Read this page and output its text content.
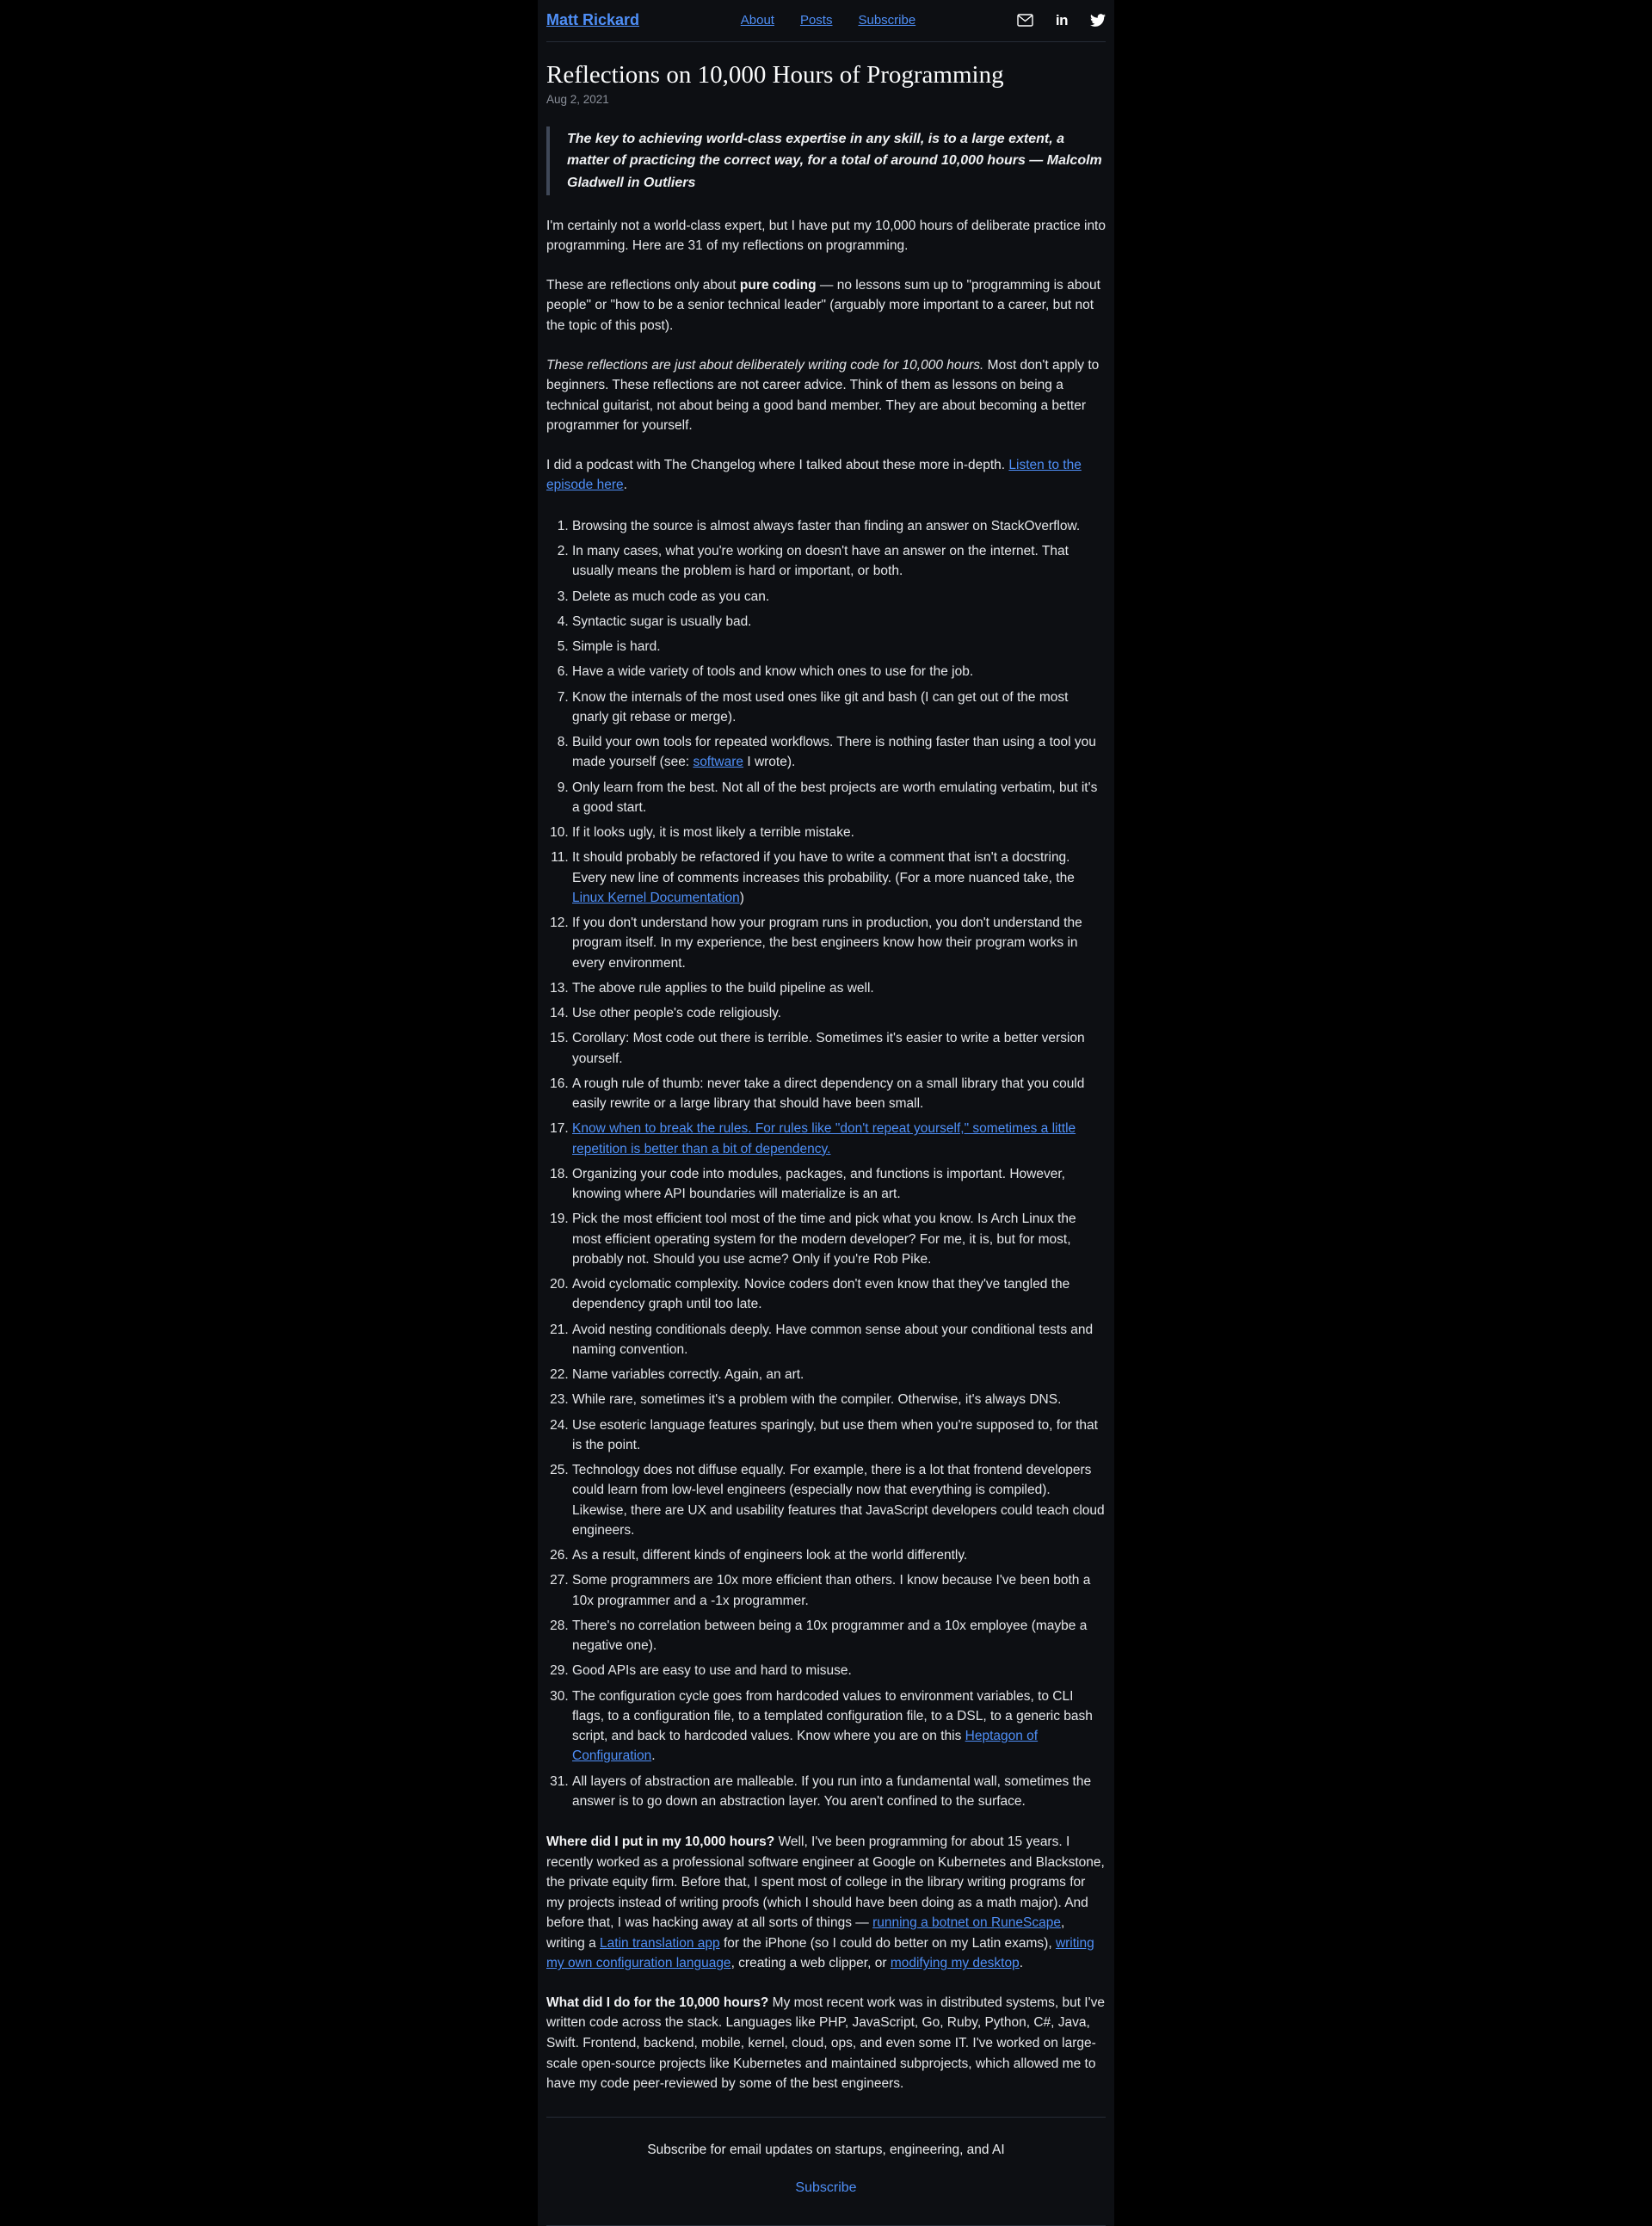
Matt Rickard	About Posts Subscribe	in
Reflections on 10,000 Hours of Programming
Aug 2, 2021
The key to achieving world-class expertise in any skill, is to a large extent, a matter of practicing the correct way, for a total of around 10,000 hours — Malcolm Gladwell in Outliers

I'm certainly not a world-class expert, but I have put my 10,000 hours of deliberate practice into programming. Here are 31 of my reflections on programming.

These are reflections only about pure coding — no lessons sum up to "programming is about people" or "how to be a senior technical leader" (arguably more important to a career, but not the topic of this post).

These reflections are just about deliberately writing code for 10,000 hours. Most don't apply to beginners. These reflections are not career advice. Think of them as lessons on being a technical guitarist, not about being a good band member. They are about becoming a better programmer for yourself.

I did a podcast with The Changelog where I talked about these more in-depth. Listen to the episode here.

1. Browsing the source is almost always faster than finding an answer on StackOverflow.
2. In many cases, what you're working on doesn't have an answer on the internet. That usually means the problem is hard or important, or both.
3. Delete as much code as you can.
4. Syntactic sugar is usually bad.
5. Simple is hard.
6. Have a wide variety of tools and know which ones to use for the job.
7. Know the internals of the most used ones like git and bash (I can get out of the most gnarly git rebase or merge).
8. Build your own tools for repeated workflows. There is nothing faster than using a tool you made yourself (see: software I wrote).
9. Only learn from the best. Not all of the best projects are worth emulating verbatim, but it's a good start.
10. If it looks ugly, it is most likely a terrible mistake.
11. It should probably be refactored if you have to write a comment that isn't a docstring. Every new line of comments increases this probability. (For a more nuanced take, the Linux Kernel Documentation)
12. If you don't understand how your program runs in production, you don't understand the program itself. In my experience, the best engineers know how their program works in every environment.
13. The above rule applies to the build pipeline as well.
14. Use other people's code religiously.
15. Corollary: Most code out there is terrible. Sometimes it's easier to write a better version yourself.
16. A rough rule of thumb: never take a direct dependency on a small library that you could easily rewrite or a large library that should have been small.
17. Know when to break the rules. For rules like "don't repeat yourself," sometimes a little repetition is better than a bit of dependency.
18. Organizing your code into modules, packages, and functions is important. However, knowing where API boundaries will materialize is an art.
19. Pick the most efficient tool most of the time and pick what you know. Is Arch Linux the most efficient operating system for the modern developer? For me, it is, but for most, probably not. Should you use acme? Only if you're Rob Pike.
20. Avoid cyclomatic complexity. Novice coders don't even know that they've tangled the dependency graph until too late.
21. Avoid nesting conditionals deeply. Have common sense about your conditional tests and naming convention.
22. Name variables correctly. Again, an art.
23. While rare, sometimes it's a problem with the compiler. Otherwise, it's always DNS.
24. Use esoteric language features sparingly, but use them when you're supposed to, for that is the point.
25. Technology does not diffuse equally. For example, there is a lot that frontend developers could learn from low-level engineers (especially now that everything is compiled). Likewise, there are UX and usability features that JavaScript developers could teach cloud engineers.
26. As a result, different kinds of engineers look at the world differently.
27. Some programmers are 10x more efficient than others. I know because I've been both a 10x programmer and a -1x programmer.
28. There's no correlation between being a 10x programmer and a 10x employee (maybe a negative one).
29. Good APIs are easy to use and hard to misuse.
30. The configuration cycle goes from hardcoded values to environment variables, to CLI flags, to a configuration file, to a templated configuration file, to a DSL, to a generic bash script, and back to hardcoded values. Know where you are on this Heptagon of Configuration.
31. All layers of abstraction are malleable. If you run into a fundamental wall, sometimes the answer is to go down an abstraction layer. You aren't confined to the surface.

Where did I put in my 10,000 hours? Well, I've been programming for about 15 years. I recently worked as a professional software engineer at Google on Kubernetes and Blackstone, the private equity firm. Before that, I spent most of college in the library writing programs for my projects instead of writing proofs (which I should have been doing as a math major). And before that, I was hacking away at all sorts of things — running a botnet on RuneScape, writing a Latin translation app for the iPhone (so I could do better on my Latin exams), writing my own configuration language, creating a web clipper, or modifying my desktop.

What did I do for the 10,000 hours? My most recent work was in distributed systems, but I've written code across the stack. Languages like PHP, JavaScript, Go, Ruby, Python, C#, Java, Swift. Frontend, backend, mobile, kernel, cloud, ops, and even some IT. I've worked on large-scale open-source projects like Kubernetes and maintained subprojects, which allowed me to have my code peer-reviewed by some of the best engineers.

Subscribe for email updates on startups, engineering, and AI

Subscribe
